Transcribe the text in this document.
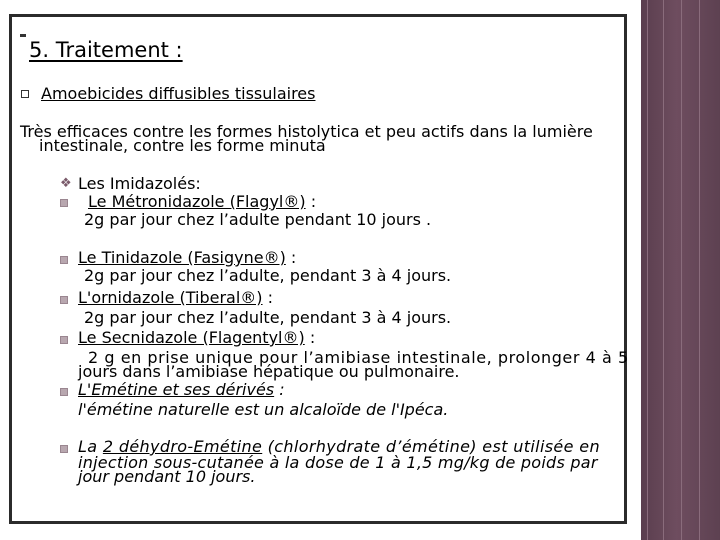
5. Traitement :
Amoebicides diffusibles tissulaires
Très efficaces contre les formes histolytica et peu actifs dans la lumière
intestinale, contre les forme minuta
❖ Les Imidazolés:
Le Métronidazole (Flagyl®) :
2g par jour chez l’adulte pendant 10 jours .
Le Tinidazole (Fasigyne®) :
2g par jour chez l’adulte, pendant 3 à 4 jours.
L'ornidazole (Tiberal®) :
2g par jour chez l’adulte, pendant 3 à 4 jours.
Le Secnidazole (Flagentyl®) :
2 g en prise unique pour l’amibiase intestinale, prolonger 4 à 5
jours dans l’amibiase hépatique ou pulmonaire.
L'Emétine et ses dérivés :
l'émétine naturelle est un alcaloïde de l'Ipéca.
La 2 déhydro-Emétine (chlorhydrate d’émétine) est utilisée en
injection sous-cutanée à la dose de 1 à 1,5 mg/kg de poids par
jour pendant 10 jours.
